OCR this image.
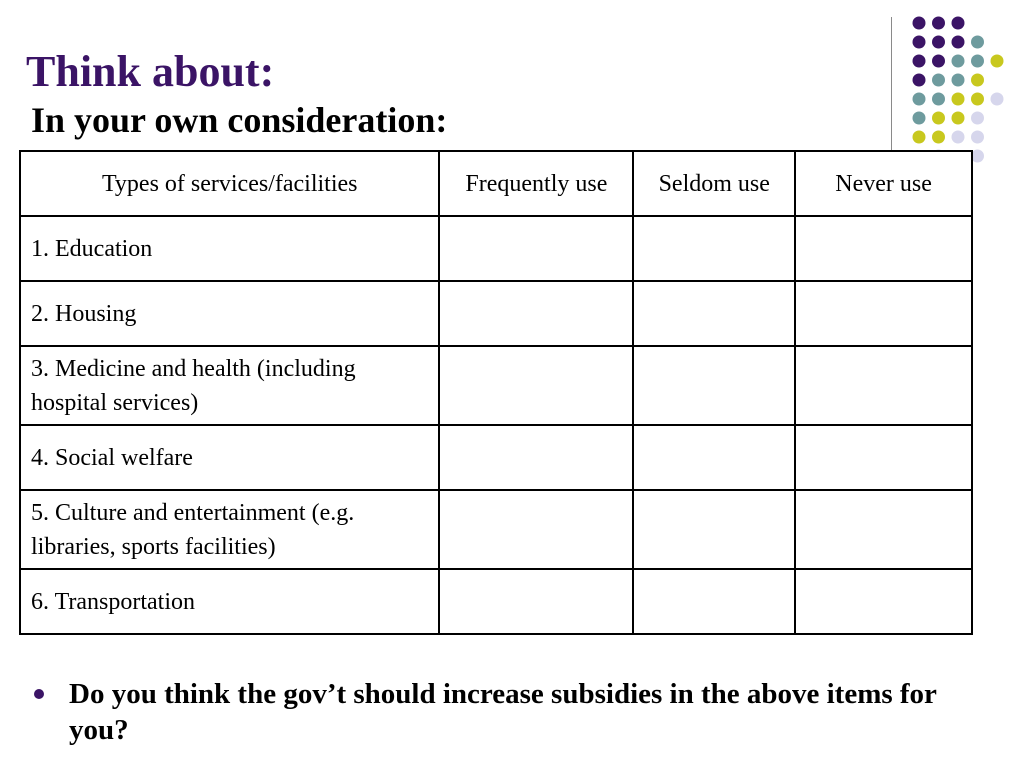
Think about:
In your own consideration:
Types of services/facilities	Frequently use	Seldom use	Never use
1. Education			
2. Housing			
3. Medicine and health (including hospital services)			
4. Social welfare			
5. Culture and entertainment (e.g. libraries, sports facilities)			
6. Transportation			
Do you think the gov’t should increase subsidies in the above items for you?
